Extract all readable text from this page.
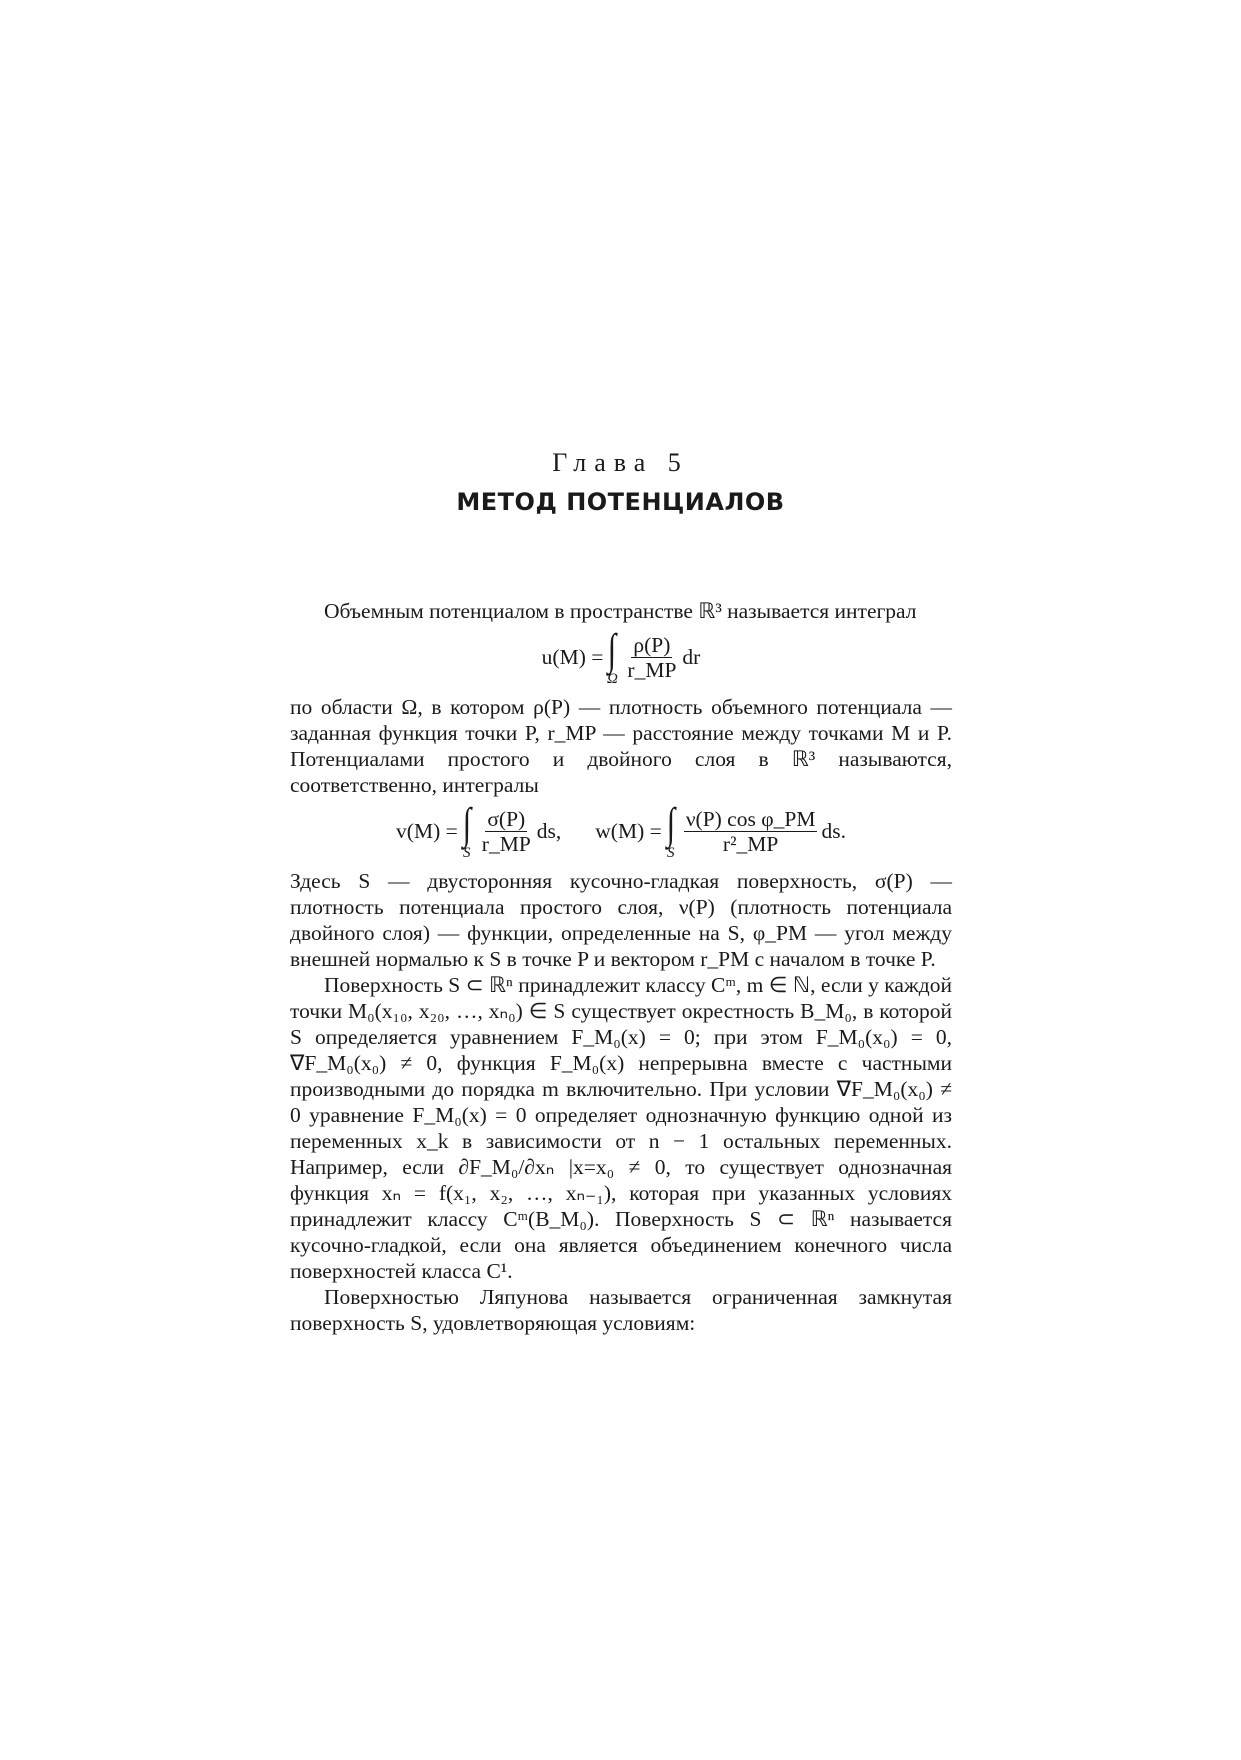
Глава 5
МЕТОД ПОТЕНЦИАЛОВ

Объемным потенциалом в пространстве ℝ³ называется интеграл

u(M) = ∫
Ω $\frac{\rho(P)}{r\_MP}$ dr

по области Ω, в котором ρ(P) — плотность объемного потенциала — заданная функция точки P, r_MP — расстояние между точками M и P. Потенциалами простого и двойного слоя в ℝ³ называются, соответственно, интегралы

v(M) = ∫
S $\frac{\sigma(P)}{r\_MP}$ ds, w(M) = ∫
S $\frac{\text{ν(P) cos φ\_PM}}{\text{r²\_MP}}$ ds.

Здесь S — двусторонняя кусочно-гладкая поверхность, σ(P) — плотность потенциала простого слоя, ν(P) (плотность потенциала двойного слоя) — функции, определенные на S, φ_PM — угол между внешней нормалью к S в точке P и вектором r_PM с началом в точке P.

Поверхность S ⊂ ℝⁿ принадлежит классу Cᵐ, m ∈ ℕ, если у каждой точки M₀(x₁₀, x₂₀, …, xₙ₀) ∈ S существует окрестность B_M₀, в которой S определяется уравнением F_M₀(x) = 0; при этом F_M₀(x₀) = 0, ∇F_M₀(x₀) ≠ 0, функция F_M₀(x) непрерывна вместе с частными производными до порядка m включительно. При условии ∇F_M₀(x₀) ≠ 0 уравнение F_M₀(x) = 0 определяет однозначную функцию одной из переменных x_k в зависимости от n − 1 остальных переменных. Например, если ∂F_M₀/∂xₙ |x=x₀ ≠ 0, то существует однозначная функция xₙ = f(x₁, x₂, …, xₙ₋₁), которая при указанных условиях принадлежит классу Cᵐ(B_M₀). Поверхность S ⊂ ℝⁿ называется кусочно-гладкой, если она является объединением конечного числа поверхностей класса C¹.

Поверхностью Ляпунова называется ограниченная замкнутая поверхность S, удовлетворяющая условиям:
